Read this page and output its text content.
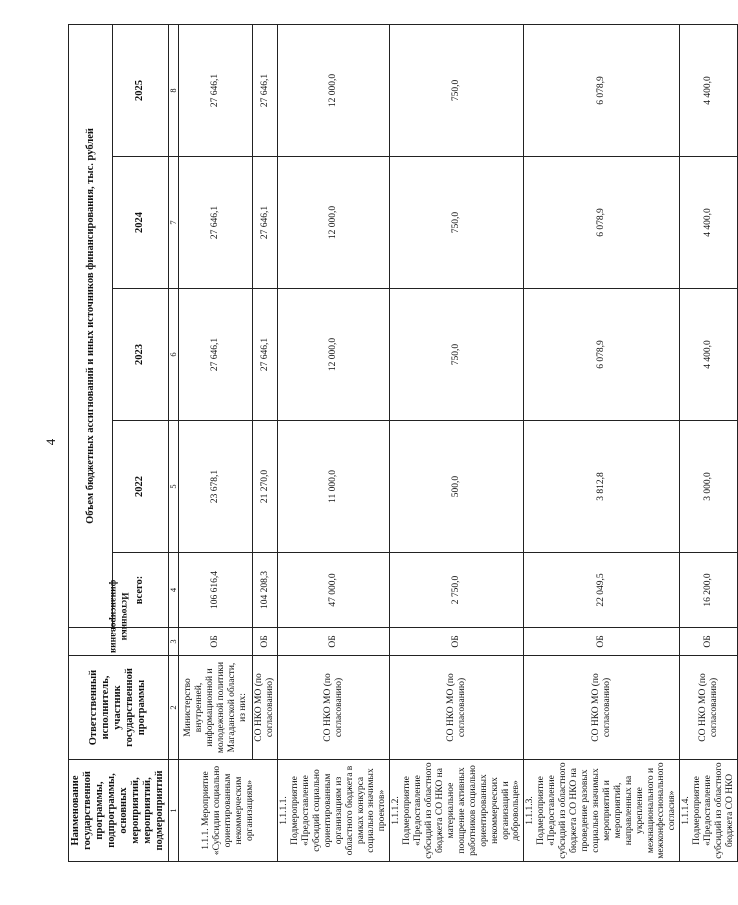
4
Наименование государственной программы, подпрограммы, основных мероприятий, мероприятий, подмероприятий	Ответственный исполнитель, участник государственной программы	Источники финансирования	Объем бюджетных ассигнований и иных источников финансирования, тыс. рублей				
			всего:	2022	2023	2024	2025
1	2	3	4	5	6	7	8
1.1.1. Мероприятие «Субсидии социально ориентированным некоммерческим организациям»	Министерство внутренней, информационной и молодежной политики Магаданской области, из них:	ОБ	106 616,4	23 678,1	27 646,1	27 646,1	27 646,1
	СО НКО МО (по согласованию)	ОБ	104 208,3	21 270,0	27 646,1	27 646,1	27 646,1
1.1.1.1. Подмероприятие «Предоставление субсидий социально ориентированным организациям из областного бюджета в рамках конкурса социально значимых проектов»	СО НКО МО (по согласованию)	ОБ	47 000,0	11 000,0	12 000,0	12 000,0	12 000,0
1.1.1.2. Подмероприятие «Предоставление субсидий из областного бюджета СО НКО на материальное поощрение активных работников социально ориентированных некоммерческих организаций и добровольцев»	СО НКО МО (по согласованию)	ОБ	2 750,0	500,0	750,0	750,0	750,0
1.1.1.3. Подмероприятие «Предоставление субсидий из областного бюджета СО НКО на проведение разовых социально значимых мероприятий и мероприятий, направленных на укрепление межнационального и межконфессионального согласия»	СО НКО МО (по согласованию)	ОБ	22 049,5	3 812,8	6 078,9	6 078,9	6 078,9
1.1.1.4. Подмероприятие «Предоставление субсидий из областного бюджета СО НКО	СО НКО МО (по согласованию)	ОБ	16 200,0	3 000,0	4 400,0	4 400,0	4 400,0
